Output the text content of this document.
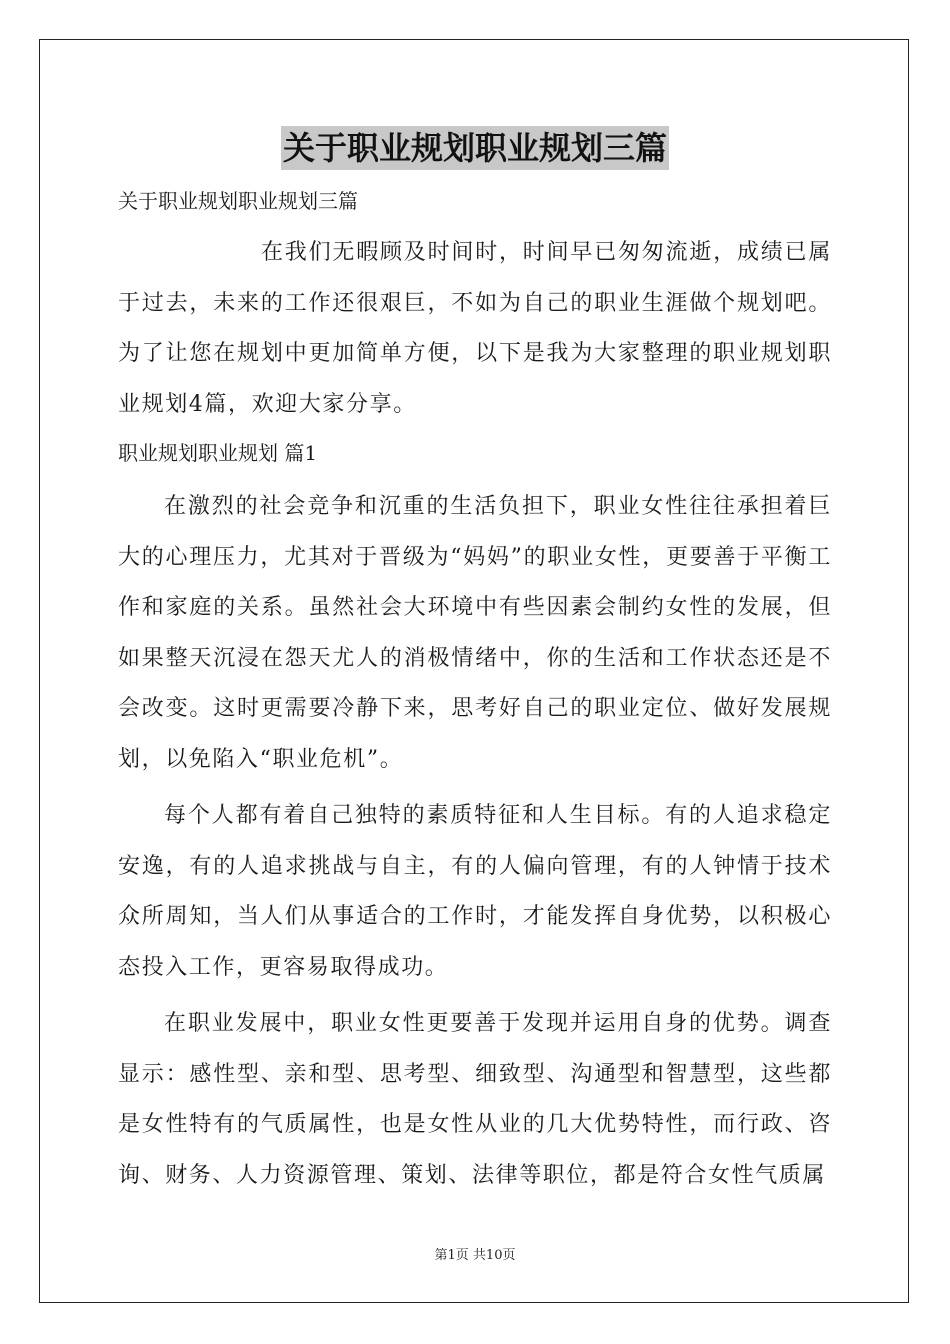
关于职业规划职业规划三篇
关于职业规划职业规划三篇

在我们无暇顾及时间时，时间早已匆匆流逝，成绩已属于过去，未来的工作还很艰巨，不如为自己的职业生涯做个规划吧。为了让您在规划中更加简单方便，以下是我为大家整理的职业规划职业规划4篇，欢迎大家分享。

职业规划职业规划 篇1

在激烈的社会竞争和沉重的生活负担下，职业女性往往承担着巨大的心理压力，尤其对于晋级为“妈妈”的职业女性，更要善于平衡工作和家庭的关系。虽然社会大环境中有些因素会制约女性的发展，但如果整天沉浸在怨天尤人的消极情绪中，你的生活和工作状态还是不会改变。这时更需要冷静下来，思考好自己的职业定位、做好发展规划，以免陷入“职业危机”。

每个人都有着自己独特的素质特征和人生目标。有的人追求稳定安逸，有的人追求挑战与自主，有的人偏向管理，有的人钟情于技术众所周知，当人们从事适合的工作时，才能发挥自身优势，以积极心态投入工作，更容易取得成功。

在职业发展中，职业女性更要善于发现并运用自身的优势。调查显示：感性型、亲和型、思考型、细致型、沟通型和智慧型，这些都是女性特有的气质属性，也是女性从业的几大优势特性，而行政、咨询、财务、人力资源管理、策划、法律等职位，都是符合女性气质属

第1页 共10页
